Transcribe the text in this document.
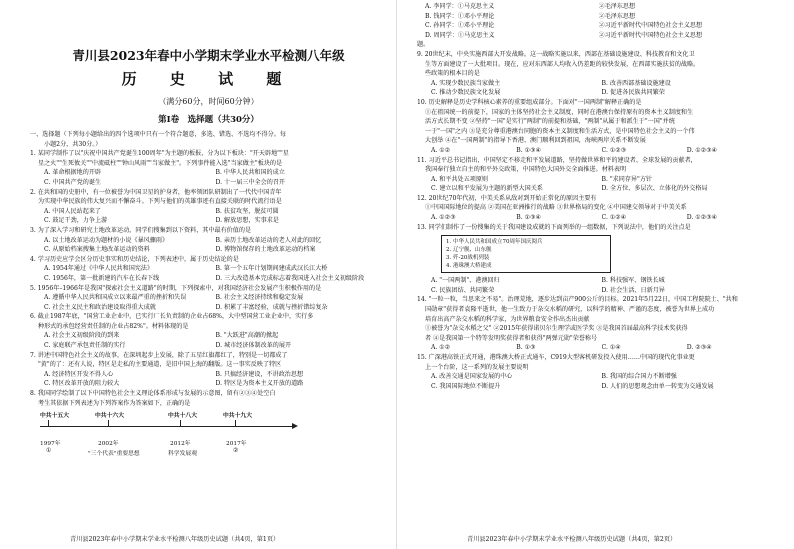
青川县2023年春中小学期末学业水平检测八年级
历 史 试 题
（满分60分，时间60分钟）
第Ⅰ卷　选择题（共30分）
一、选择题（下列每小题给出的四个选项中只有一个符合题意，多选、错选、不选均不得分。每
小题2分，共30分。）
1. 某同学制作了以"庆祝中国共产党诞生100周年"为主题的板报，分为以下板块："开天辟地""星
星之火""生死攸关""中流砥柱""钟山风雨""当家做主"。下列事件能入选"当家做主"板块的是
A. 革命根据地的开辟	B. 中华人民共和国的成立
C. 中国共产党的诞生	D. 十一届三中全会的召开
2. 在共和国的史册中，有一位被誉为中国卫星的护身者，他率领团队研制出了一代代中国青年
为实现中华民族的伟大复兴而不懈奋斗。下列与他们的英雄事迹有直接关联的时代流行语是
A. 中国人民站起来了	B. 扶贫攻坚，脱贫可圆
C. 鼓足干劲，力争上游	D. 解放思想，实事求是
3. 为了深入学习和研究土地改革运动，同学们搜集到以下资料，其中最有价值的是
A. 以土地改革运动为题材的小说《暴风骤雨》	B. 亲历土地改革运动的老人对此的回忆
C. 从原始档案搜集土地改革运动的资料	D. 博物馆保存的土地改革运动的档案
4. 学习历史应学会区分历史事实和历史结论，下列表述中，属于历史结论的是
A. 1954年通过《中华人民共和国宪法》	B. 第一个五年计划期间建成武汉长江大桥
C. 1956年，第一批新建的汽车在长春下线	D. 三大改造基本完成标志着我国进入社会主义初级阶段
5. 1956年–1966年是我国"探索社会主义道路"的时期，下列探索中，对我国经济社会发展产生积极作用的是
A. 遵循中华人民共和国成立以来最严重的挫折和失误	B. 社会主义经济持续和稳定发展
C. 社会主义民主和政治建设取得重大成就	D. 积累了丰富经验，成就与挫折错综复杂
6. 截止1987年底，"国营工业企业中，已实行厂长负责制的企业占68%，大中型国营工业企业中，实行多
种形式的承包经营责任制的企业占82%"。材料体现的是
A. 社会主义初级阶段的到来	B. "大跃进"高潮的掀起
C. 家庭联产承包责任制的实行	D. 城市经济体制改革的展开
7. 讲述中国特色社会主义的故事，在深圳起步上发展，除了五星红旗都红了，特别是一切都成了
"黄"的了：还有人说，特区是走私的主要通道，是旧中国上海的翻版。这一事实反映了特区
A. 经济特区开发不得人心	B. 只搞经济建设，不讲政治思想
C. 特区改革开放的阻力较大	D. 特区是为资本主义开放的道路
8. 我国同学绘制了以下中国特色社会主义理论体系形成与发展的示意图，留有②③④处空白
考生其依据下列表述为下列答案作为答案如下，正确的是
中共十五大	中共十六大	中共十八大	中共十九大
1997年	2002年	2012年	2017年
①	"三个代表"重要思想	科学发展观	②
青川县2023年春中小学期末学业水平检测八年级历史试题（共4页，第1页）
A. 李同学：①马克思主义	②毛泽东思想
B. 钱同学：①邓小平理论	②毛泽东思想
C. 孙同学：①邓小平理论	②习近平新时代中国特色社会主义思想
D. 周同学：①马克思主义	②习近平新时代中国特色社会主义思想
题。
9. 20世纪末，中央实施西部大开发战略。这一战略实施以来，西部在基础设施建设、科技教育和文化卫
生等方面建设了一大批项目。现在，应对东西部人均收入仍差距的较快发展，在西部实施扶贫的战略。
些政策的根本目的是
A. 实现少数民族当家做主	B. 改善西部基础设施建设
C. 推动少数民族文化发展	D. 促进各民族共同繁荣
10. 历史解释是历史学科核心素养的重要组成部分。下面对"一国两制"解释正确的是
①在祖国统一的前提下，国家的主体坚持社会主义制度，同时在港澳台保持原有的资本主义制度和生
活方式长期不变 ②坚持"一国"是实行"两制"的前提和基础，"两制"从属于和派生于"一国"并统
一于"一国"之内 ③是充分尊重港澳台同胞的资本主义制度和生活方式，是中国特色社会主义的一个伟
大创举 ④在"一国两制"的指导下香港、澳门顺利回到祖国，海峡两岸关系不断发展
A. ①②	B. ①③④	C. ①②③	D. ①②③④
11. 习近平总书记指出，中国坚定不移走和平发展道路，坚持做世界和平的建设者、全球发展的贡献者，
我国奉行独立自主的和平外交政策，中国特色大国外交全面推进。材料表明
A. 和平共处五项原则	B. "求同存异"方针
C. 建立以和平发展为主题的新型大国关系	D. 全方位、多层次、立体化的外交格局
12. 20世纪70年代初，中美关系从敌对到开始正常化的原因主要有
①中国国际地位的提高 ②美国在亚洲推行的战略 ③世界格局的变化 ④中国建交领导对于中美关系
A. ①②③	B. ①③④	C. ①②④	D. ①②③④
13. 同学们制作了一份搜集的关于我国建设成就的下面列举的一组数据，下列说法中，他们的关注点是
1. 中华人民共和国成立70周年国庆阅兵
2. 辽宁舰、山东舰
3. 歼-20战机列装
4. 港珠澳大桥建成
A. "一国两制"、港澳回归	B. 科技强军、钢铁长城
C. 民族团结、共同繁荣	D. 社会生活、日新月异
14. "一粒一粒，当思来之不易"。治理荒地，逐步达到亩产900公斤的目标。2021年5月22日，中国工程院院士、"共和
国勋章"获得者袁隆平逝世，他一生致力于杂交水稻的研究，以科学的精神、严谨的态度，被誉为世界上成功
培育出高产杂交水稻的科学家，为世界粮食安全作出杰出贡献
①被誉为"杂交水稻之父" ②2015年获得诺贝尔生理学或医学奖 ③是我国首届最高科学技术奖获得
者 ④是我国第一个特等发明奖获得者和获得"两弹元勋"荣誉称号
A. ①②	B. ①③	C. ①④	D. ②③④
15. 广深港高铁正式开通，港珠澳大桥正式通车，C919大型客机研发投入使用……中国的现代化事业更
上一个台阶，这一系列的发展主要说明
A. 改善交通是国家发展的中心	B. 我国的综合国力不断增强
C. 我国国际地位不断提升	D. 人们的思想观念由单一转变为交通发展
青川县2023年春中小学期末学业水平检测八年级历史试题（共4页，第2页）
